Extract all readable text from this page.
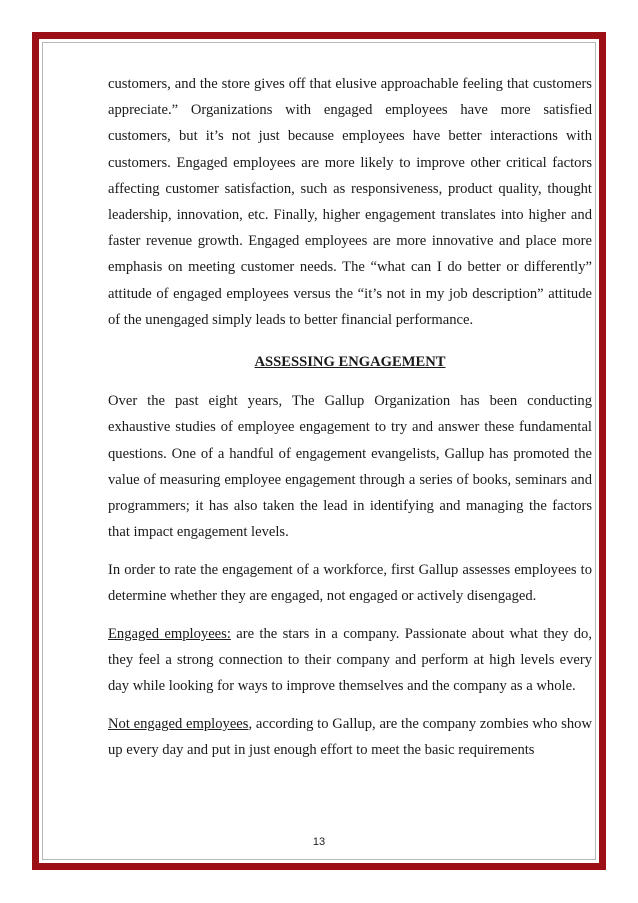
customers, and the store gives off that elusive approachable feeling that customers appreciate.” Organizations with engaged employees have more satisfied customers, but it’s not just because employees have better interactions with customers. Engaged employees are more likely to improve other critical factors affecting customer satisfaction, such as responsiveness, product quality, thought leadership, innovation, etc. Finally, higher engagement translates into higher and faster revenue growth. Engaged employees are more innovative and place more emphasis on meeting customer needs. The “what can I do better or differently” attitude of engaged employees versus the “it’s not in my job description” attitude of the unengaged simply leads to better financial performance.

ASSESSING ENGAGEMENT

Over the past eight years, The Gallup Organization has been conducting exhaustive studies of employee engagement to try and answer these fundamental questions. One of a handful of engagement evangelists, Gallup has promoted the value of measuring employee engagement through a series of books, seminars and programmers; it has also taken the lead in identifying and managing the factors that impact engagement levels.

In order to rate the engagement of a workforce, first Gallup assesses employees to determine whether they are engaged, not engaged or actively disengaged.

Engaged employees: are the stars in a company. Passionate about what they do, they feel a strong connection to their company and perform at high levels every day while looking for ways to improve themselves and the company as a whole.

Not engaged employees, according to Gallup, are the company zombies who show up every day and put in just enough effort to meet the basic requirements

13
